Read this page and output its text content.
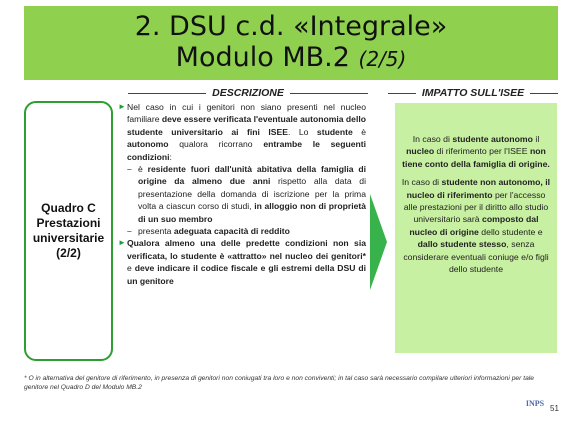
2. DSU c.d. «Integrale»
Modulo MB.2 (2/5)
DESCRIZIONE	IMPATTO SULL'ISEE
Quadro C
Prestazioni
universitarie
(2/2)
► Nel caso in cui i genitori non siano presenti nel nucleo familiare deve essere verificata l'eventuale autonomia dello studente universitario ai fini ISEE. Lo studente è autonomo qualora ricorrano entrambe le seguenti condizioni:
– è residente fuori dall'unità abitativa della famiglia di origine da almeno due anni rispetto alla data di presentazione della domanda di iscrizione per la prima volta a ciascun corso di studi, in alloggio non di proprietà di un suo membro
– presenta adeguata capacità di reddito
► Qualora almeno una delle predette condizioni non sia verificata, lo studente è «attratto» nel nucleo dei genitori* e deve indicare il codice fiscale e gli estremi della DSU di un genitore
In caso di studente autonomo il nucleo di riferimento per l'ISEE non tiene conto della famiglia di origine.
In caso di studente non autonomo, il nucleo di riferimento per l'accesso alle prestazioni per il diritto allo studio universitario sarà composto dal nucleo di origine dello studente e dallo studente stesso, senza considerare eventuali coniuge e/o figli dello studente
* O in alternativa del genitore di riferimento, in presenza di genitori non coniugati tra loro e non conviventi; in tal caso sarà necessario compilare ulteriori informazioni per tale genitore nel Quadro D del Modulo MB.2
INPS
51
